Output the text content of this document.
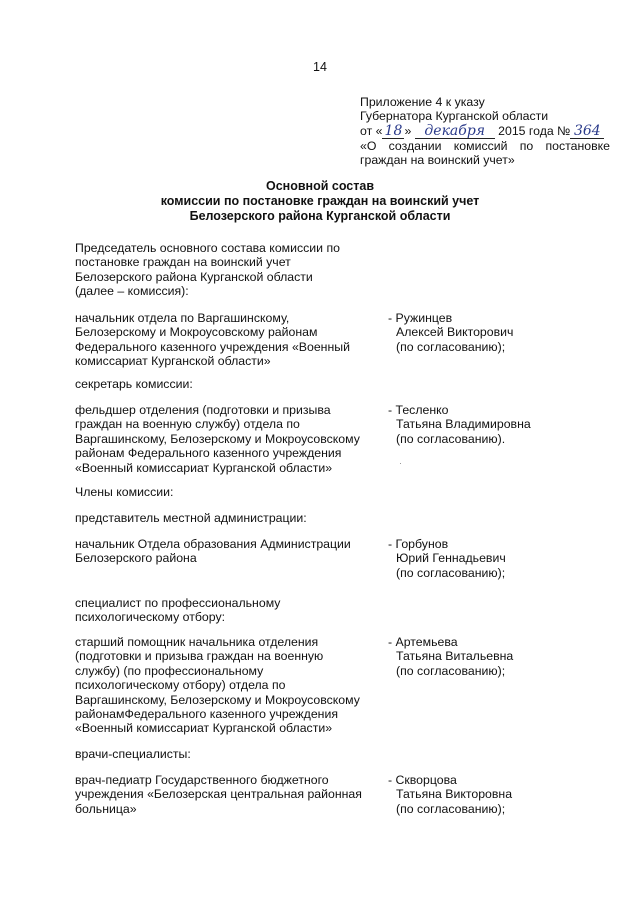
14
Приложение 4 к указу
Губернатора Курганской области
от « 18 » декабря 2015 года № 364
«О создании комиссий по постановке
граждан на воинский учет»
Основной состав
комиссии по постановке граждан на воинский учет
Белозерского района Курганской области
Председатель основного состава комиссии по
постановке граждан на воинский учет
Белозерского района Курганской области
(далее – комиссия):
начальник отдела по Варгашинскому,
Белозерскому и Мокроусовскому районам
Федерального казенного учреждения «Военный
комиссариат Курганской области»
- Ружинцев
Алексей Викторович
(по согласованию);
секретарь комиссии:
фельдшер отделения (подготовки и призыва
граждан на военную службу) отдела по
Варгашинскому, Белозерскому и Мокроусовскому
районам Федерального казенного учреждения
«Военный комиссариат Курганской области»
- Тесленко
Татьяна Владимировна
(по согласованию).
Члены комиссии:
представитель местной администрации:
начальник Отдела образования Администрации
Белозерского района
- Горбунов
Юрий Геннадьевич
(по согласованию);
специалист по профессиональному
психологическому отбору:
старший помощник начальника отделения
(подготовки и призыва граждан на военную
службу) (по профессиональному
психологическому отбору) отдела по
Варгашинскому, Белозерскому и Мокроусовскому
районамФедерального казенного учреждения
«Военный комиссариат Курганской области»
- Артемьева
Татьяна Витальевна
(по согласованию);
врачи-специалисты:
врач-педиатр Государственного бюджетного
учреждения «Белозерская центральная районная
больница»
- Скворцова
Татьяна Викторовна
(по согласованию);
